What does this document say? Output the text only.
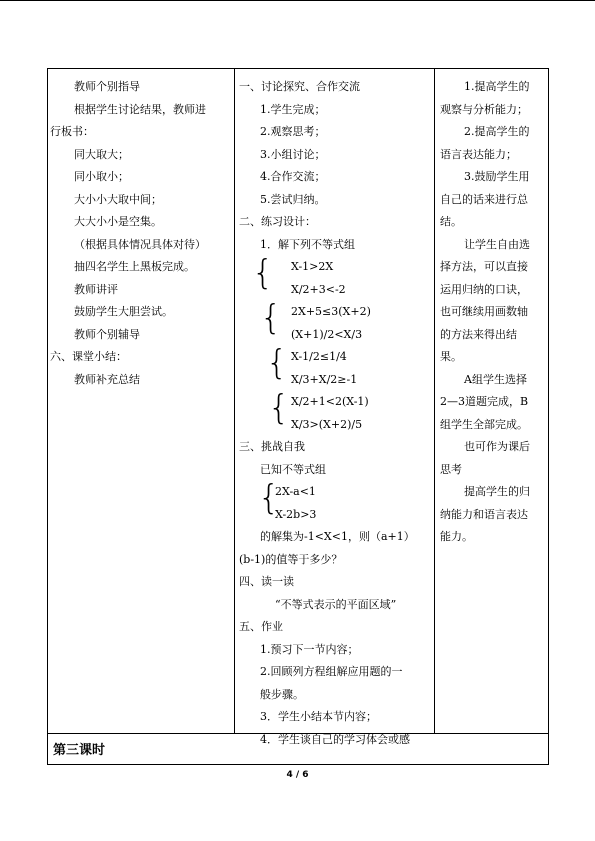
教师个别指导

根据学生讨论结果，教师进

行板书：

同大取大；

同小取小；

大小小大取中间；

大大小小是空集。

（根据具体情况具体对待）

抽四名学生上黑板完成。

教师讲评

鼓励学生大胆尝试。

教师个别辅导

六、课堂小结：

教师补充总结

一、讨论探究、合作交流

1.学生完成；

2.观察思考；

3.小组讨论；

4.合作交流；

5.尝试归纳。

二、练习设计：

1．解下列不等式组

X-1>2X

X/2+3<-2

2X+5≤3(X+2)

(X+1)/2<X/3

X-1/2≤1/4

X/3+X/2≥-1

X/2+1<2(X-1)

X/3>(X+2)/5

三、挑战自我

已知不等式组

2X-a<1

X-2b>3

的解集为-1<X<1，则（a+1）

(b-1)的值等于多少？

四、读一读

“不等式表示的平面区域”

五、作业

1.预习下一节内容；

2.回顾列方程组解应用题的一

般步骤。

3．学生小结本节内容；

4．学生谈自己的学习体会或感

{
{
{
{
{

1.提高学生的

观察与分析能力；

2.提高学生的

语言表达能力；

3.鼓励学生用

自己的话来进行总

结。

让学生自由选

择方法，可以直接

运用归纳的口诀，

也可继续用画数轴

的方法来得出结

果。

A组学生选择

2—3道题完成，B

组学生全部完成。

也可作为课后

思考

提高学生的归

纳能力和语言表达

能力。

第三课时
4 / 6
